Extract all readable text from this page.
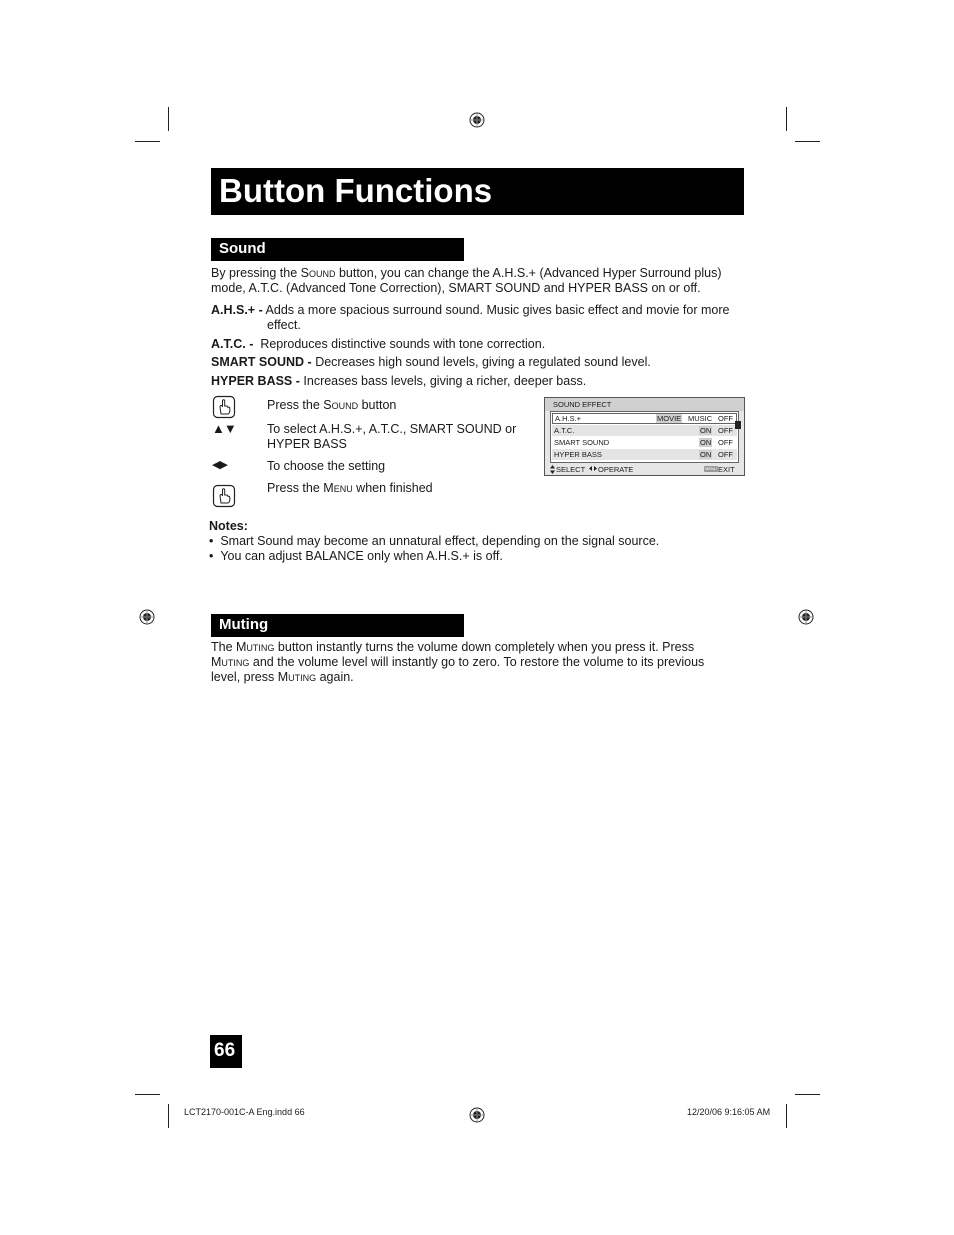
Button Functions
Sound
By pressing the Sound button, you can change the A.H.S.+ (Advanced Hyper Surround plus)
mode, A.T.C. (Advanced Tone Correction), SMART SOUND and HYPER BASS on or off.
A.H.S.+ - Adds a more spacious surround sound. Music gives basic effect and movie for more
effect.
A.T.C. - Reproduces distinctive sounds with tone correction.
SMART SOUND - Decreases high sound levels, giving a regulated sound level.
HYPER BASS - Increases bass levels, giving a richer, deeper bass.
Press the Sound button
▲▼	To select A.H.S.+, A.T.C., SMART SOUND or
HYPER BASS
◀ ▶	To choose the setting
Press the Menu when finished
SOUND EFFECT
A.H.S.+	MOVIE MUSIC OFF
A.T.C.	ON OFF
SMART SOUND	ON OFF
HYPER BASS	ON OFF
SELECT OPERATE	MENU EXIT
Notes:
•  Smart Sound may become an unnatural effect, depending on the signal source.
•  You can adjust BALANCE only when A.H.S.+ is off.
Muting
The Muting button instantly turns the volume down completely when you press it. Press
Muting and the volume level will instantly go to zero. To restore the volume to its previous
level, press Muting again.
66
LCT2170-001C-A Eng.indd 66	12/20/06 9:16:05 AM
